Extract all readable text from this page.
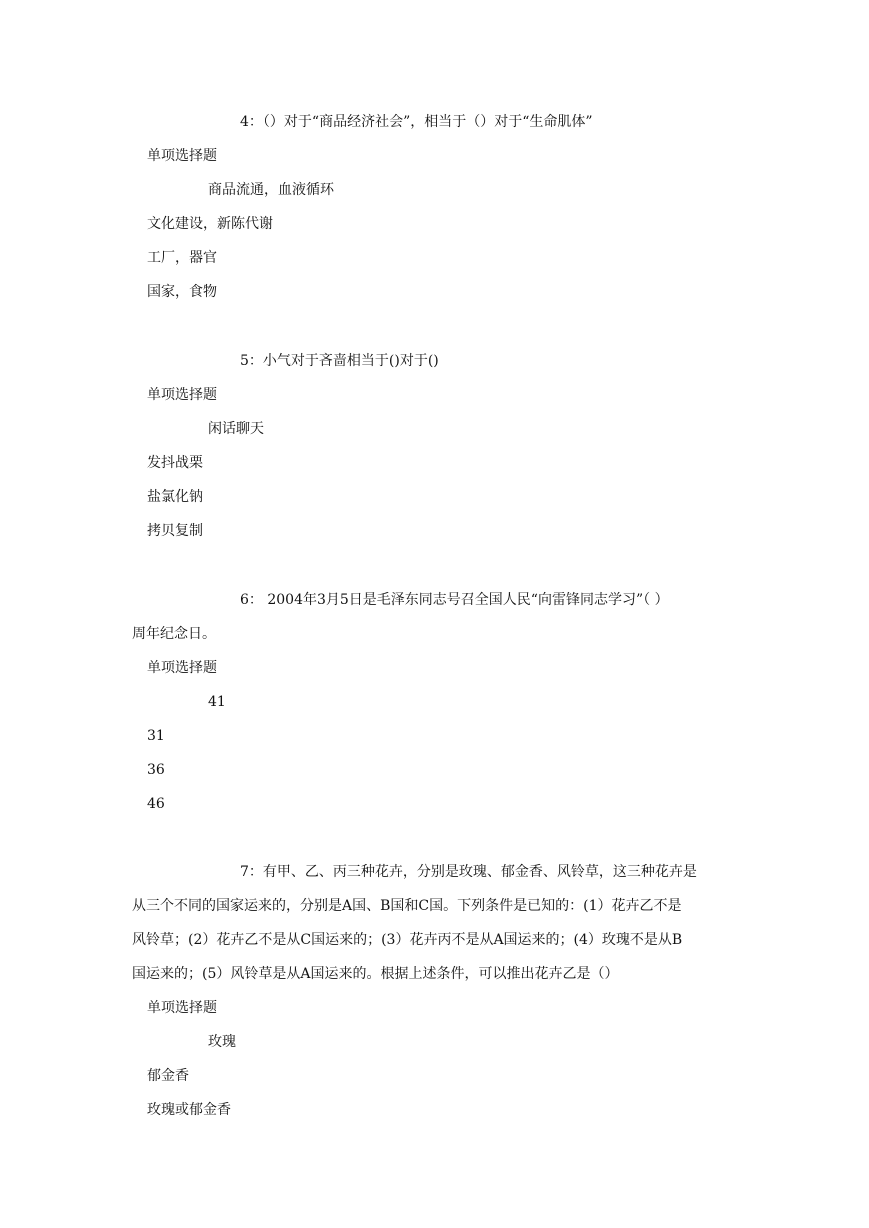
4：（）对于“商品经济社会”，相当于（）对于“生命肌体”
单项选择题
商品流通，血液循环
文化建设，新陈代谢
工厂，器官
国家，食物
5：小气对于吝啬相当于()对于()
单项选择题
闲话聊天
发抖战栗
盐氯化钠
拷贝复制
6： 2004年3月5日是毛泽东同志号召全国人民“向雷锋同志学习”（ ）
周年纪念日。
单项选择题
41
31
36
46
7：有甲、乙、丙三种花卉，分别是玫瑰、郁金香、风铃草，这三种花卉是
从三个不同的国家运来的，分别是A国、B国和C国。下列条件是已知的：(1）花卉乙不是
风铃草；(2）花卉乙不是从C国运来的；(3）花卉丙不是从A国运来的；(4）玫瑰不是从B
国运来的；(5）风铃草是从A国运来的。根据上述条件，可以推出花卉乙是（）
单项选择题
玫瑰
郁金香
玫瑰或郁金香
